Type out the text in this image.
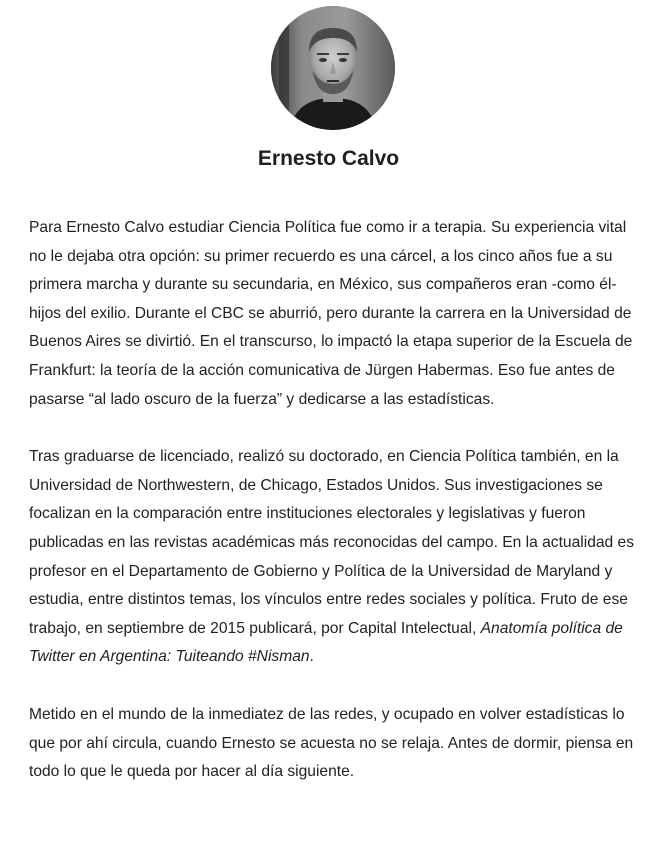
Ernesto Calvo

Para Ernesto Calvo estudiar Ciencia Política fue como ir a terapia. Su experiencia vital no le dejaba otra opción: su primer recuerdo es una cárcel, a los cinco años fue a su primera marcha y durante su secundaria, en México, sus compañeros eran -como él- hijos del exilio. Durante el CBC se aburrió, pero durante la carrera en la Universidad de Buenos Aires se divirtió. En el transcurso, lo impactó la etapa superior de la Escuela de Frankfurt: la teoría de la acción comunicativa de Jürgen Habermas. Eso fue antes de pasarse “al lado oscuro de la fuerza” y dedicarse a las estadísticas.

Tras graduarse de licenciado, realizó su doctorado, en Ciencia Política también, en la Universidad de Northwestern, de Chicago, Estados Unidos. Sus investigaciones se focalizan en la comparación entre instituciones electorales y legislativas y fueron publicadas en las revistas académicas más reconocidas del campo. En la actualidad es profesor en el Departamento de Gobierno y Política de la Universidad de Maryland y estudia, entre distintos temas, los vínculos entre redes sociales y política. Fruto de ese trabajo, en septiembre de 2015 publicará, por Capital Intelectual, Anatomía política de Twitter en Argentina: Tuiteando #Nisman.

Metido en el mundo de la inmediatez de las redes, y ocupado en volver estadísticas lo que por ahí circula, cuando Ernesto se acuesta no se relaja. Antes de dormir, piensa en todo lo que le queda por hacer al día siguiente.
